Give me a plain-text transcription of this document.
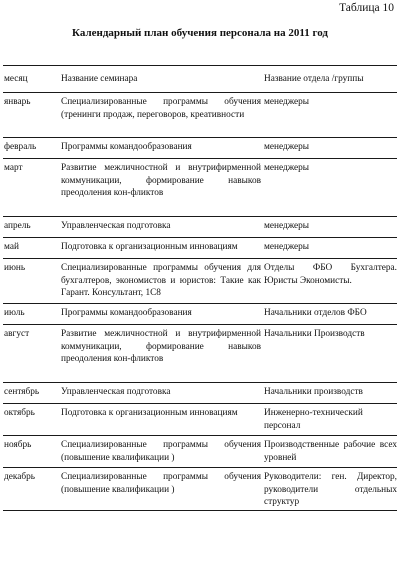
Таблица 10
Календарный план обучения персонала на 2011 год
месяц	Название семинара	Название отдела /группы
январь	Специализированные программы обучения (тренинги продаж, переговоров, креативности	менеджеры
февраль	Программы командообразования	менеджеры
март	Развитие межличностной и внутрифирменной коммуникации, формирование навыков преодоления кон-фликтов	менеджеры
апрель	Управленческая подготовка	менеджеры
май	Подготовка к организационным инновациям	менеджеры
июнь	Специализированные программы обучения для бухгалтеров, экономистов и юристов: Такие как Гарант. Консультант, 1С8	Отделы ФБО Бухгалтера. Юристы Экономисты.
июль	Программы командообразования	Начальники отделов ФБО
август	Развитие межличностной и внутрифирменной коммуникации, формирование навыков преодоления кон-фликтов	Начальники Производств
сентябрь	Управленческая подготовка	Начальники производств
октябрь	Подготовка к организационным инновациям	Инженерно-технический персонал
ноябрь	Специализированные программы обучения (повышение квалификации )	Производственные рабочие всех уровней
декабрь	Специализированные программы обучения (повышение квалификации )	Руководители: ген. Директор, руководители отдельных структур
